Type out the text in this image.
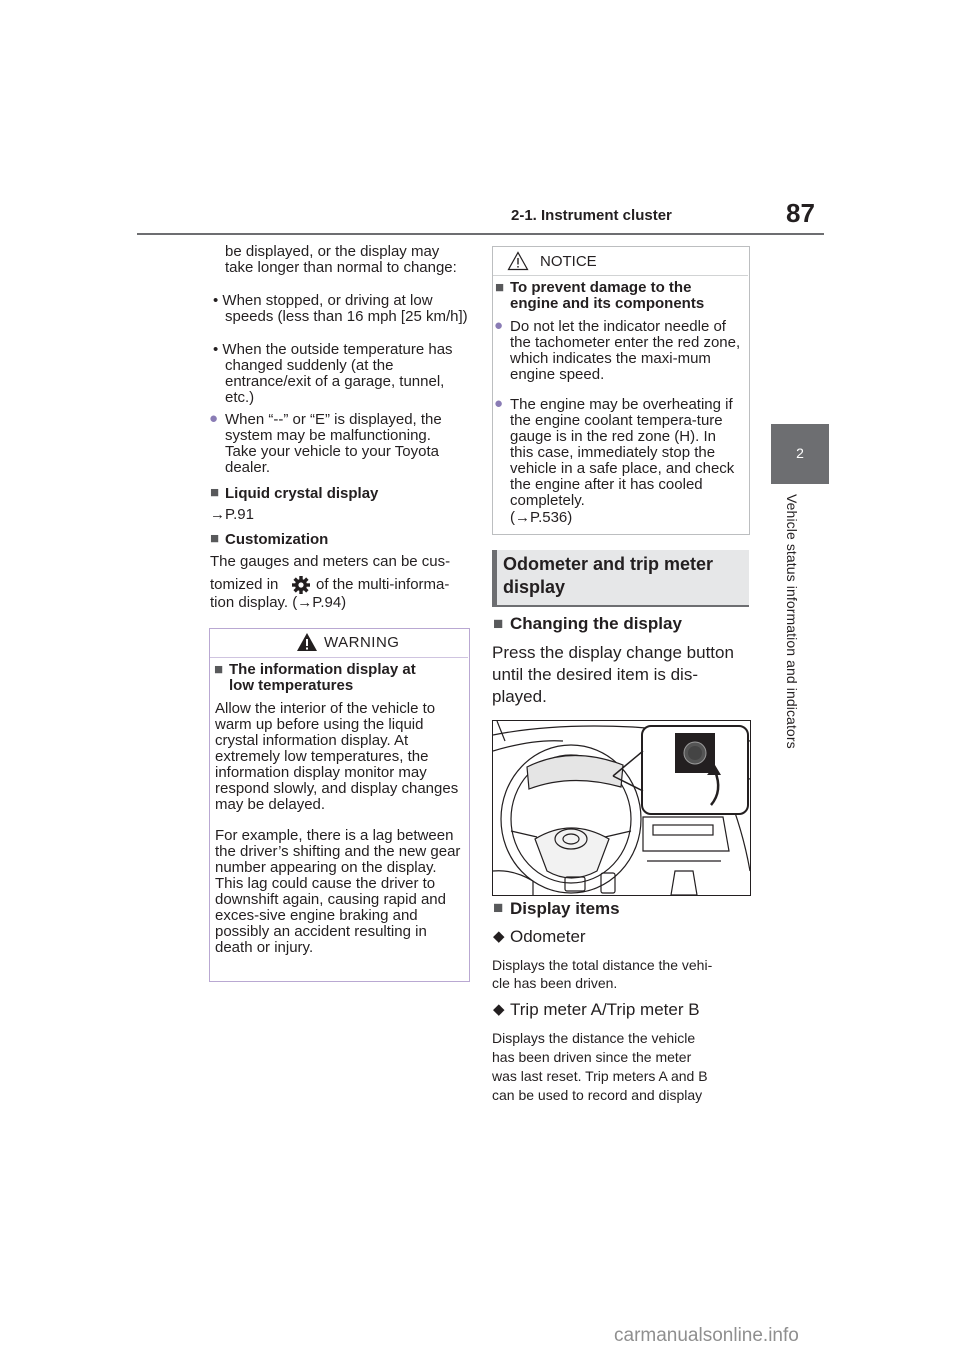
2-1. Instrument cluster	87
2
Vehicle status information and indicators
be displayed, or the display may take longer than normal to change:
• When stopped, or driving at low speeds (less than 16 mph [25 km/h])
• When the outside temperature has changed suddenly (at the entrance/exit of a garage, tunnel, etc.)
● When “--” or “E” is displayed, the system may be malfunctioning. Take your vehicle to your Toyota dealer.
■ Liquid crystal display
→P.91
■ Customization
The gauges and meters can be cus-
tomized in	of the multi-informa-
tion display. (→P.94)
WARNING
■ The information display at
low temperatures
Allow the interior of the vehicle to warm up before using the liquid crystal information display. At extremely low temperatures, the information display monitor may respond slowly, and display changes may be delayed.
For example, there is a lag between the driver’s shifting and the new gear number appearing on the display. This lag could cause the driver to downshift again, causing rapid and exces-sive engine braking and possibly an accident resulting in death or injury.
NOTICE
■ To prevent damage to the
engine and its components
● Do not let the indicator needle of the tachometer enter the red zone, which indicates the maxi-mum engine speed.
● The engine may be overheating if the engine coolant tempera-ture gauge is in the red zone (H). In this case, immediately stop the vehicle in a safe place, and check the engine after it has cooled completely.
(→P.536)
Odometer and trip meter
display
■ Changing the display
Press the display change button
until the desired item is dis-
played.
■ Display items
◆ Odometer
Displays the total distance the vehi-
cle has been driven.
◆ Trip meter A/Trip meter B
Displays the distance the vehicle
has been driven since the meter
was last reset. Trip meters A and B
can be used to record and display
carmanualsonline.info
